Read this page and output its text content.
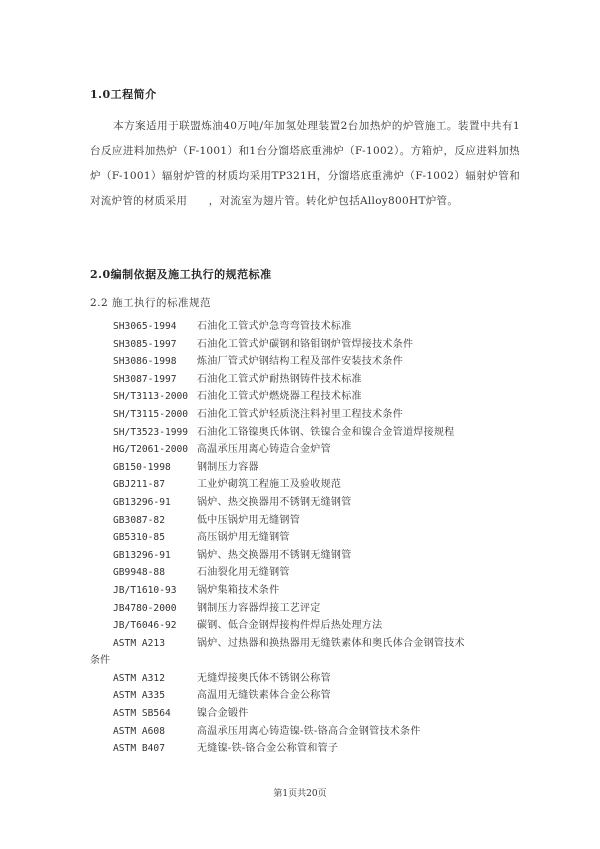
1.0工程简介
本方案适用于联盟炼油40万吨/年加氢处理装置2台加热炉的炉管施工。装置中共有1台反应进料加热炉（F-1001）和1台分馏塔底重沸炉（F-1002）。方箱炉，反应进料加热炉（F-1001）辐射炉管的材质均采用TP321H，分馏塔底重沸炉（F-1002）辐射炉管和对流炉管的材质采用　　，对流室为翅片管。转化炉包括Alloy800HT炉管。
2.0编制依据及施工执行的规范标准
2.2 施工执行的标准规范
SH3065-1994 石油化工管式炉急弯弯管技术标准
SH3085-1997 石油化工管式炉碳钢和铬钼钢炉管焊接技术条件
SH3086-1998 炼油厂管式炉钢结构工程及部件安装技术条件
SH3087-1997 石油化工管式炉耐热钢铸件技术标准
SH/T3113-2000 石油化工管式炉燃烧器工程技术标准
SH/T3115-2000 石油化工管式炉轻质浇注料衬里工程技术条件
SH/T3523-1999 石油化工铬镍奥氏体钢、铁镍合金和镍合金管道焊接规程
HG/T2061-2000 高温承压用离心铸造合金炉管
GB150-1998	钢制压力容器
GBJ211-87	工业炉砌筑工程施工及验收规范
GB13296-91	锅炉、热交换器用不锈钢无缝钢管
GB3087-82	低中压锅炉用无缝钢管
GB5310-85	高压锅炉用无缝钢管
GB13296-91	锅炉、热交换器用不锈钢无缝钢管
GB9948-88	石油裂化用无缝钢管
JB/T1610-93 锅炉集箱技术条件
JB4780-2000 钢制压力容器焊接工艺评定
JB/T6046-92 碳钢、低合金钢焊接构件焊后热处理方法
ASTM A213	锅炉、过热器和换热器用无缝铁素体和奥氏体合金钢管技术
条件
ASTM A312	无缝焊接奥氏体不锈钢公称管
ASTM A335	高温用无缝铁素体合金公称管
ASTM SB564	镍合金锻件
ASTM A608	高温承压用离心铸造镍-铁-铬高合金钢管技术条件
ASTM B407	无缝镍-铁-铬合金公称管和管子
第1页共20页
